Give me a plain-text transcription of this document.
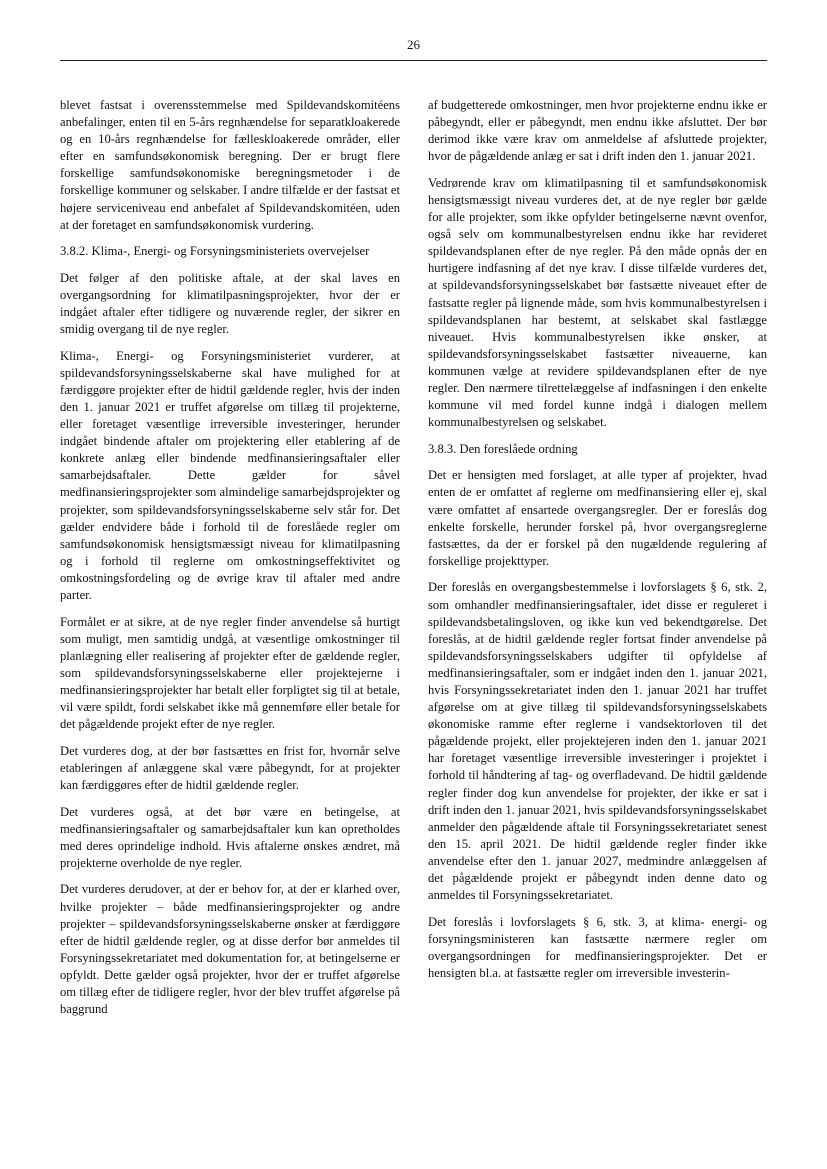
26

blevet fastsat i overensstemmelse med Spildevandskomitéens anbefalinger, enten til en 5-års regnhændelse for separatkloakerede og en 10-års regnhændelse for fælleskloakerede områder, eller efter en samfundsøkonomisk beregning. Der er brugt flere forskellige samfundsøkonomiske beregningsmetoder i de forskellige kommuner og selskaber. I andre tilfælde er der fastsat et højere serviceniveau end anbefalet af Spildevandskomitéen, uden at der foretaget en samfundsøkonomisk vurdering.

3.8.2. Klima-, Energi- og Forsyningsministeriets overvejelser

Det følger af den politiske aftale, at der skal laves en overgangsordning for klimatilpasningsprojekter, hvor der er indgået aftaler efter tidligere og nuværende regler, der sikrer en smidig overgang til de nye regler.

Klima-, Energi- og Forsyningsministeriet vurderer, at spildevandsforsyningsselskaberne skal have mulighed for at færdiggøre projekter efter de hidtil gældende regler, hvis der inden den 1. januar 2021 er truffet afgørelse om tillæg til projekterne, eller foretaget væsentlige irreversible investeringer, herunder indgået bindende aftaler om projektering eller etablering af de konkrete anlæg eller bindende medfinansieringsaftaler eller samarbejdsaftaler. Dette gælder for såvel medfinansieringsprojekter som almindelige samarbejdsprojekter og projekter, som spildevandsforsyningsselskaberne selv står for. Det gælder endvidere både i forhold til de foreslåede regler om samfundsøkonomisk hensigtsmæssigt niveau for klimatilpasning og i forhold til reglerne om omkostningseffektivitet og omkostningsfordeling og de øvrige krav til aftaler med andre parter.

Formålet er at sikre, at de nye regler finder anvendelse så hurtigt som muligt, men samtidig undgå, at væsentlige omkostninger til planlægning eller realisering af projekter efter de gældende regler, som spildevandsforsyningsselskaberne eller projektejerne i medfinansieringsprojekter har betalt eller forpligtet sig til at betale, vil være spildt, fordi selskabet ikke må gennemføre eller betale for det pågældende projekt efter de nye regler.

Det vurderes dog, at der bør fastsættes en frist for, hvornår selve etableringen af anlæggene skal være påbegyndt, for at projekter kan færdiggøres efter de hidtil gældende regler.

Det vurderes også, at det bør være en betingelse, at medfinansieringsaftaler og samarbejdsaftaler kun kan opretholdes med deres oprindelige indhold. Hvis aftalerne ønskes ændret, må projekterne overholde de nye regler.

Det vurderes derudover, at der er behov for, at der er klarhed over, hvilke projekter – både medfinansieringsprojekter og andre projekter – spildevandsforsyningsselskaberne ønsker at færdiggøre efter de hidtil gældende regler, og at disse derfor bør anmeldes til Forsyningssekretariatet med dokumentation for, at betingelserne er opfyldt. Dette gælder også projekter, hvor der er truffet afgørelse om tillæg efter de tidligere regler, hvor der blev truffet afgørelse på baggrund

af budgetterede omkostninger, men hvor projekterne endnu ikke er påbegyndt, eller er påbegyndt, men endnu ikke afsluttet. Der bør derimod ikke være krav om anmeldelse af afsluttede projekter, hvor de pågældende anlæg er sat i drift inden den 1. januar 2021.

Vedrørende krav om klimatilpasning til et samfundsøkonomisk hensigtsmæssigt niveau vurderes det, at de nye regler bør gælde for alle projekter, som ikke opfylder betingelserne nævnt ovenfor, også selv om kommunalbestyrelsen endnu ikke har revideret spildevandsplanen efter de nye regler. På den måde opnås der en hurtigere indfasning af det nye krav. I disse tilfælde vurderes det, at spildevandsforsyningsselskabet bør fastsætte niveauet efter de fastsatte regler på lignende måde, som hvis kommunalbestyrelsen i spildevandsplanen har bestemt, at selskabet skal fastlægge niveauet. Hvis kommunalbestyrelsen ikke ønsker, at spildevandsforsyningsselskabet fastsætter niveauerne, kan kommunen vælge at revidere spildevandsplanen efter de nye regler. Den nærmere tilrettelæggelse af indfasningen i den enkelte kommune vil med fordel kunne indgå i dialogen mellem kommunalbestyrelsen og selskabet.

3.8.3. Den foreslåede ordning

Det er hensigten med forslaget, at alle typer af projekter, hvad enten de er omfattet af reglerne om medfinansiering eller ej, skal være omfattet af ensartede overgangsregler. Der er foreslås dog enkelte forskelle, herunder forskel på, hvor overgangsreglerne fastsættes, da der er forskel på den nugældende regulering af forskellige projekttyper.

Der foreslås en overgangsbestemmelse i lovforslagets § 6, stk. 2, som omhandler medfinansieringsaftaler, idet disse er reguleret i spildevandsbetalingsloven, og ikke kun ved bekendtgørelse. Det foreslås, at de hidtil gældende regler fortsat finder anvendelse på spildevandsforsyningsselskabers udgifter til opfyldelse af medfinansieringsaftaler, som er indgået inden den 1. januar 2021, hvis Forsyningssekretariatet inden den 1. januar 2021 har truffet afgørelse om at give tillæg til spildevandsforsyningsselskabets økonomiske ramme efter reglerne i vandsektorloven til det pågældende projekt, eller projektejeren inden den 1. januar 2021 har foretaget væsentlige irreversible investeringer i projektet i forhold til håndtering af tag- og overfladevand. De hidtil gældende regler finder dog kun anvendelse for projekter, der ikke er sat i drift inden den 1. januar 2021, hvis spildevandsforsyningsselskabet anmelder den pågældende aftale til Forsyningssekretariatet senest den 15. april 2021. De hidtil gældende regler finder ikke anvendelse efter den 1. januar 2027, medmindre anlæggelsen af det pågældende projekt er påbegyndt inden denne dato og anmeldes til Forsyningssekretariatet.

Det foreslås i lovforslagets § 6, stk. 3, at klima- energi- og forsyningsministeren kan fastsætte nærmere regler om overgangsordningen for medfinansieringsprojekter. Det er hensigten bl.a. at fastsætte regler om irreversible investerin-
